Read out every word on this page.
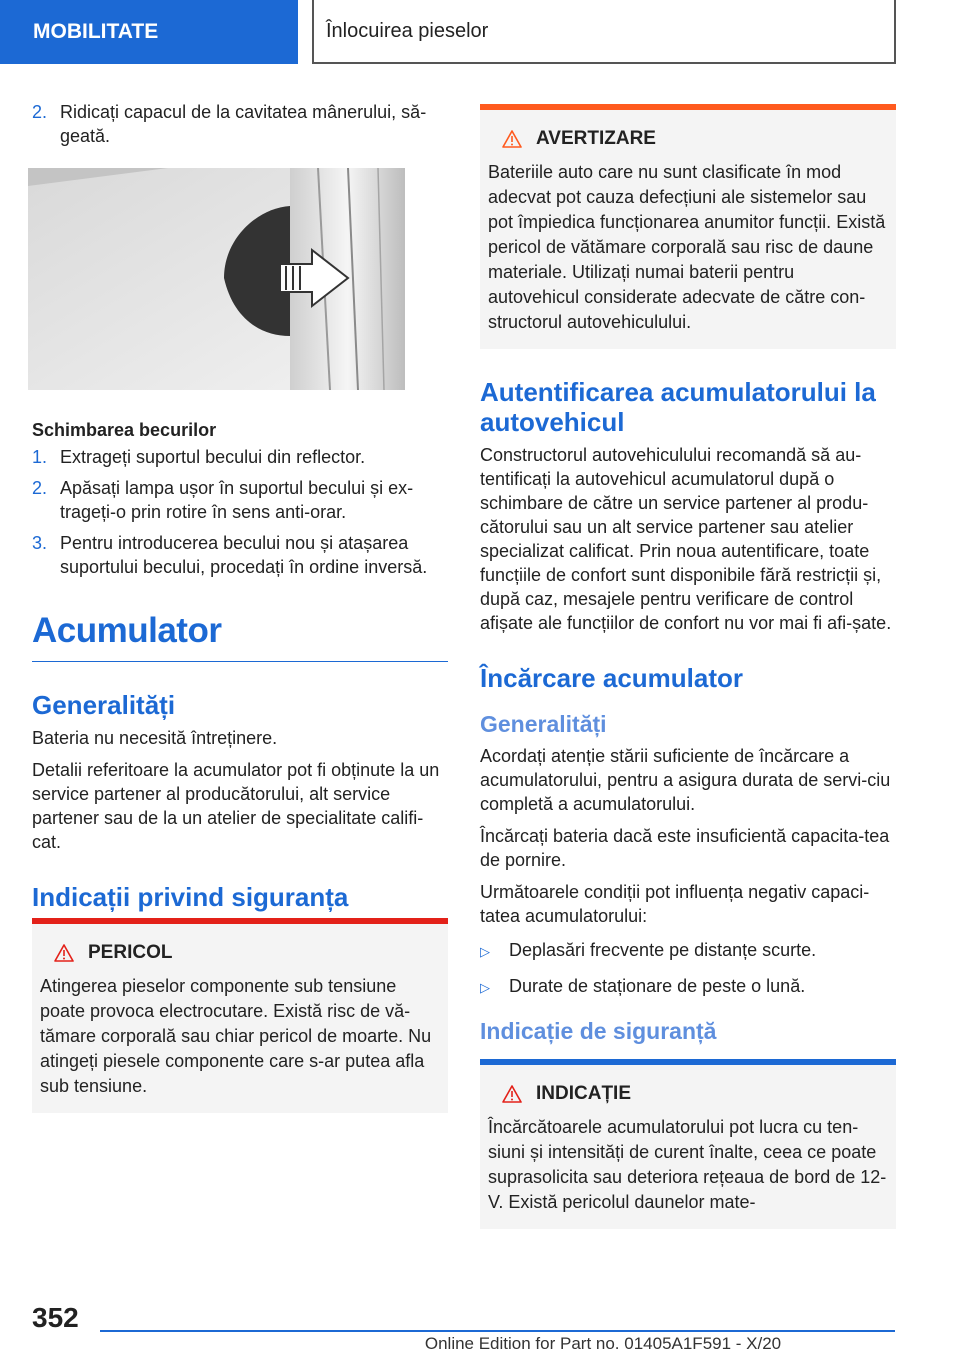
MOBILITATE	Înlocuirea pieselor
2. Ridicați capacul de la cavitatea mânerului, să-geată.
Schimbarea becurilor
1. Extrageți suportul becului din reflector.
2. Apăsați lampa ușor în suportul becului și ex-trageți-o prin rotire în sens anti-orar.
3. Pentru introducerea becului nou și atașarea suportului becului, procedați în ordine inversă.
Acumulator
Generalități

Bateria nu necesită întreținere.

Detalii referitoare la acumulator pot fi obținute la un service partener al producătorului, alt service partener sau de la un atelier de specialitate califi-cat.

Indicații privind siguranța
PERICOL

Atingerea pieselor componente sub tensiune poate provoca electrocutare. Există risc de vă-tămare corporală sau chiar pericol de moarte. Nu atingeți piesele componente care s-ar putea afla sub tensiune.

AVERTIZARE

Bateriile auto care nu sunt clasificate în mod adecvat pot cauza defecțiuni ale sistemelor sau pot împiedica funcționarea anumitor funcții. Există pericol de vătămare corporală sau risc de daune materiale. Utilizați numai baterii pentru autovehicul considerate adecvate de către con-structorul autovehiculului.

Autentificarea acumulatorului la autovehicul

Constructorul autovehiculului recomandă să au-tentificați la autovehicul acumulatorul după o schimbare de către un service partener al produ-cătorului sau un alt service partener sau atelier specializat calificat. Prin noua autentificare, toate funcțiile de confort sunt disponibile fără restricții și, după caz, mesajele pentru verificare de control afișate ale funcțiilor de confort nu vor mai fi afi-șate.

Încărcare acumulator
Generalități

Acordați atenție stării suficiente de încărcare a acumulatorului, pentru a asigura durata de servi-ciu completă a acumulatorului.

Încărcați bateria dacă este insuficientă capacita-tea de pornire.

Următoarele condiții pot influența negativ capaci-tatea acumulatorului:

▷	Deplasări frecvente pe distanțe scurte.
▷	Durate de staționare de peste o lună.
Indicație de siguranță
INDICAȚIE

Încărcătoarele acumulatorului pot lucra cu ten-siuni și intensități de curent înalte, ceea ce poate suprasolicita sau deteriora rețeaua de bord de 12-V. Există pericolul daunelor mate-

352
Online Edition for Part no. 01405A1F591 - X/20
